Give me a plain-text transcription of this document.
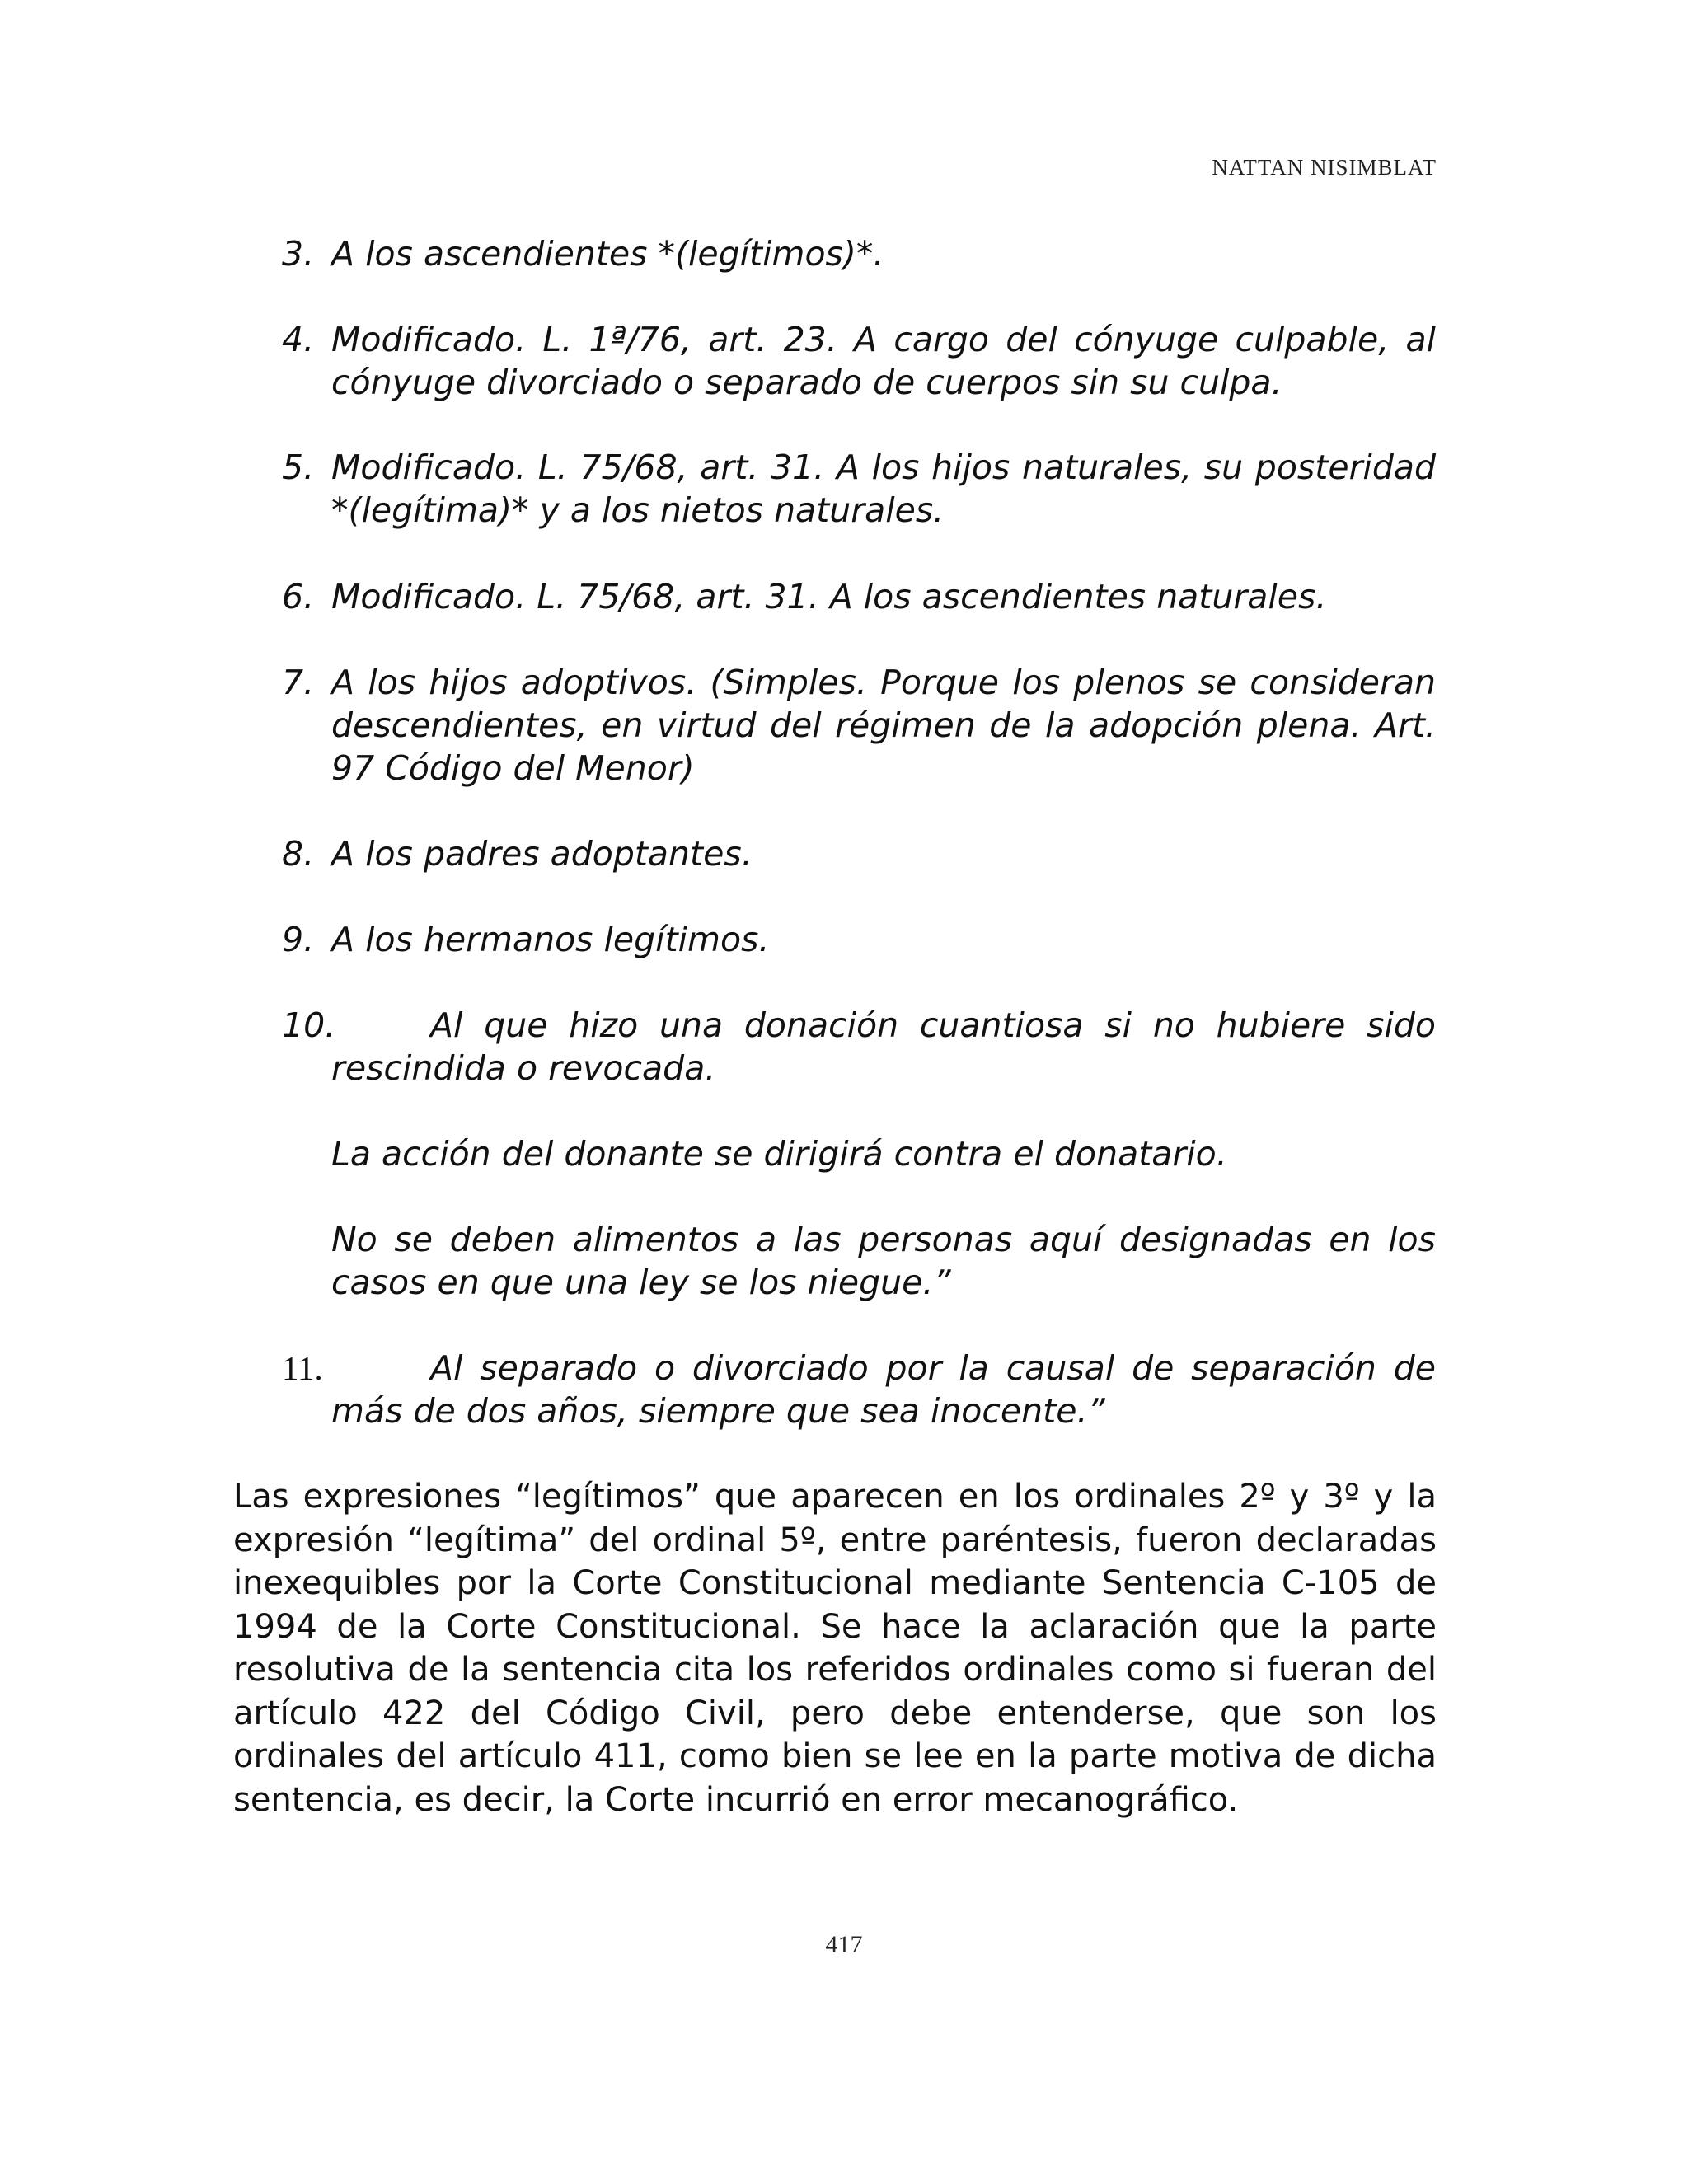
NATTAN NISIMBLAT
3. A los ascendientes *(legítimos)*.
4. Modificado. L. 1ª/76, art. 23. A cargo del cónyuge culpable, al cónyuge divorciado o separado de cuerpos sin su culpa.
5. Modificado. L. 75/68, art. 31. A los hijos naturales, su posteridad *(legítima)* y a los nietos naturales.
6. Modificado. L. 75/68, art. 31. A los ascendientes naturales.
7. A los hijos adoptivos. (Simples. Porque los plenos se consideran descendientes, en virtud del régimen de la adopción plena. Art. 97 Código del Menor)
8. A los padres adoptantes.
9. A los hermanos legítimos.
10.	Al que hizo una donación cuantiosa si no hubiere sido rescindida o revocada.
La acción del donante se dirigirá contra el donatario.
No se deben alimentos a las personas aquí designadas en los casos en que una ley se los niegue.”
11.	Al separado o divorciado por la causal de separación de más de dos años, siempre que sea inocente.”
Las expresiones “legítimos” que aparecen en los ordinales 2º y 3º y la expresión “legítima” del ordinal 5º, entre paréntesis, fueron declaradas inexequibles por la Corte Constitucional mediante Sentencia C-105 de 1994 de la Corte Constitucional. Se hace la aclaración que la parte resolutiva de la sentencia cita los referidos ordinales como si fueran del artículo 422 del Código Civil, pero debe entenderse, que son los ordinales del artículo 411, como bien se lee en la parte motiva de dicha sentencia, es decir, la Corte incurrió en error mecanográfico.
417
